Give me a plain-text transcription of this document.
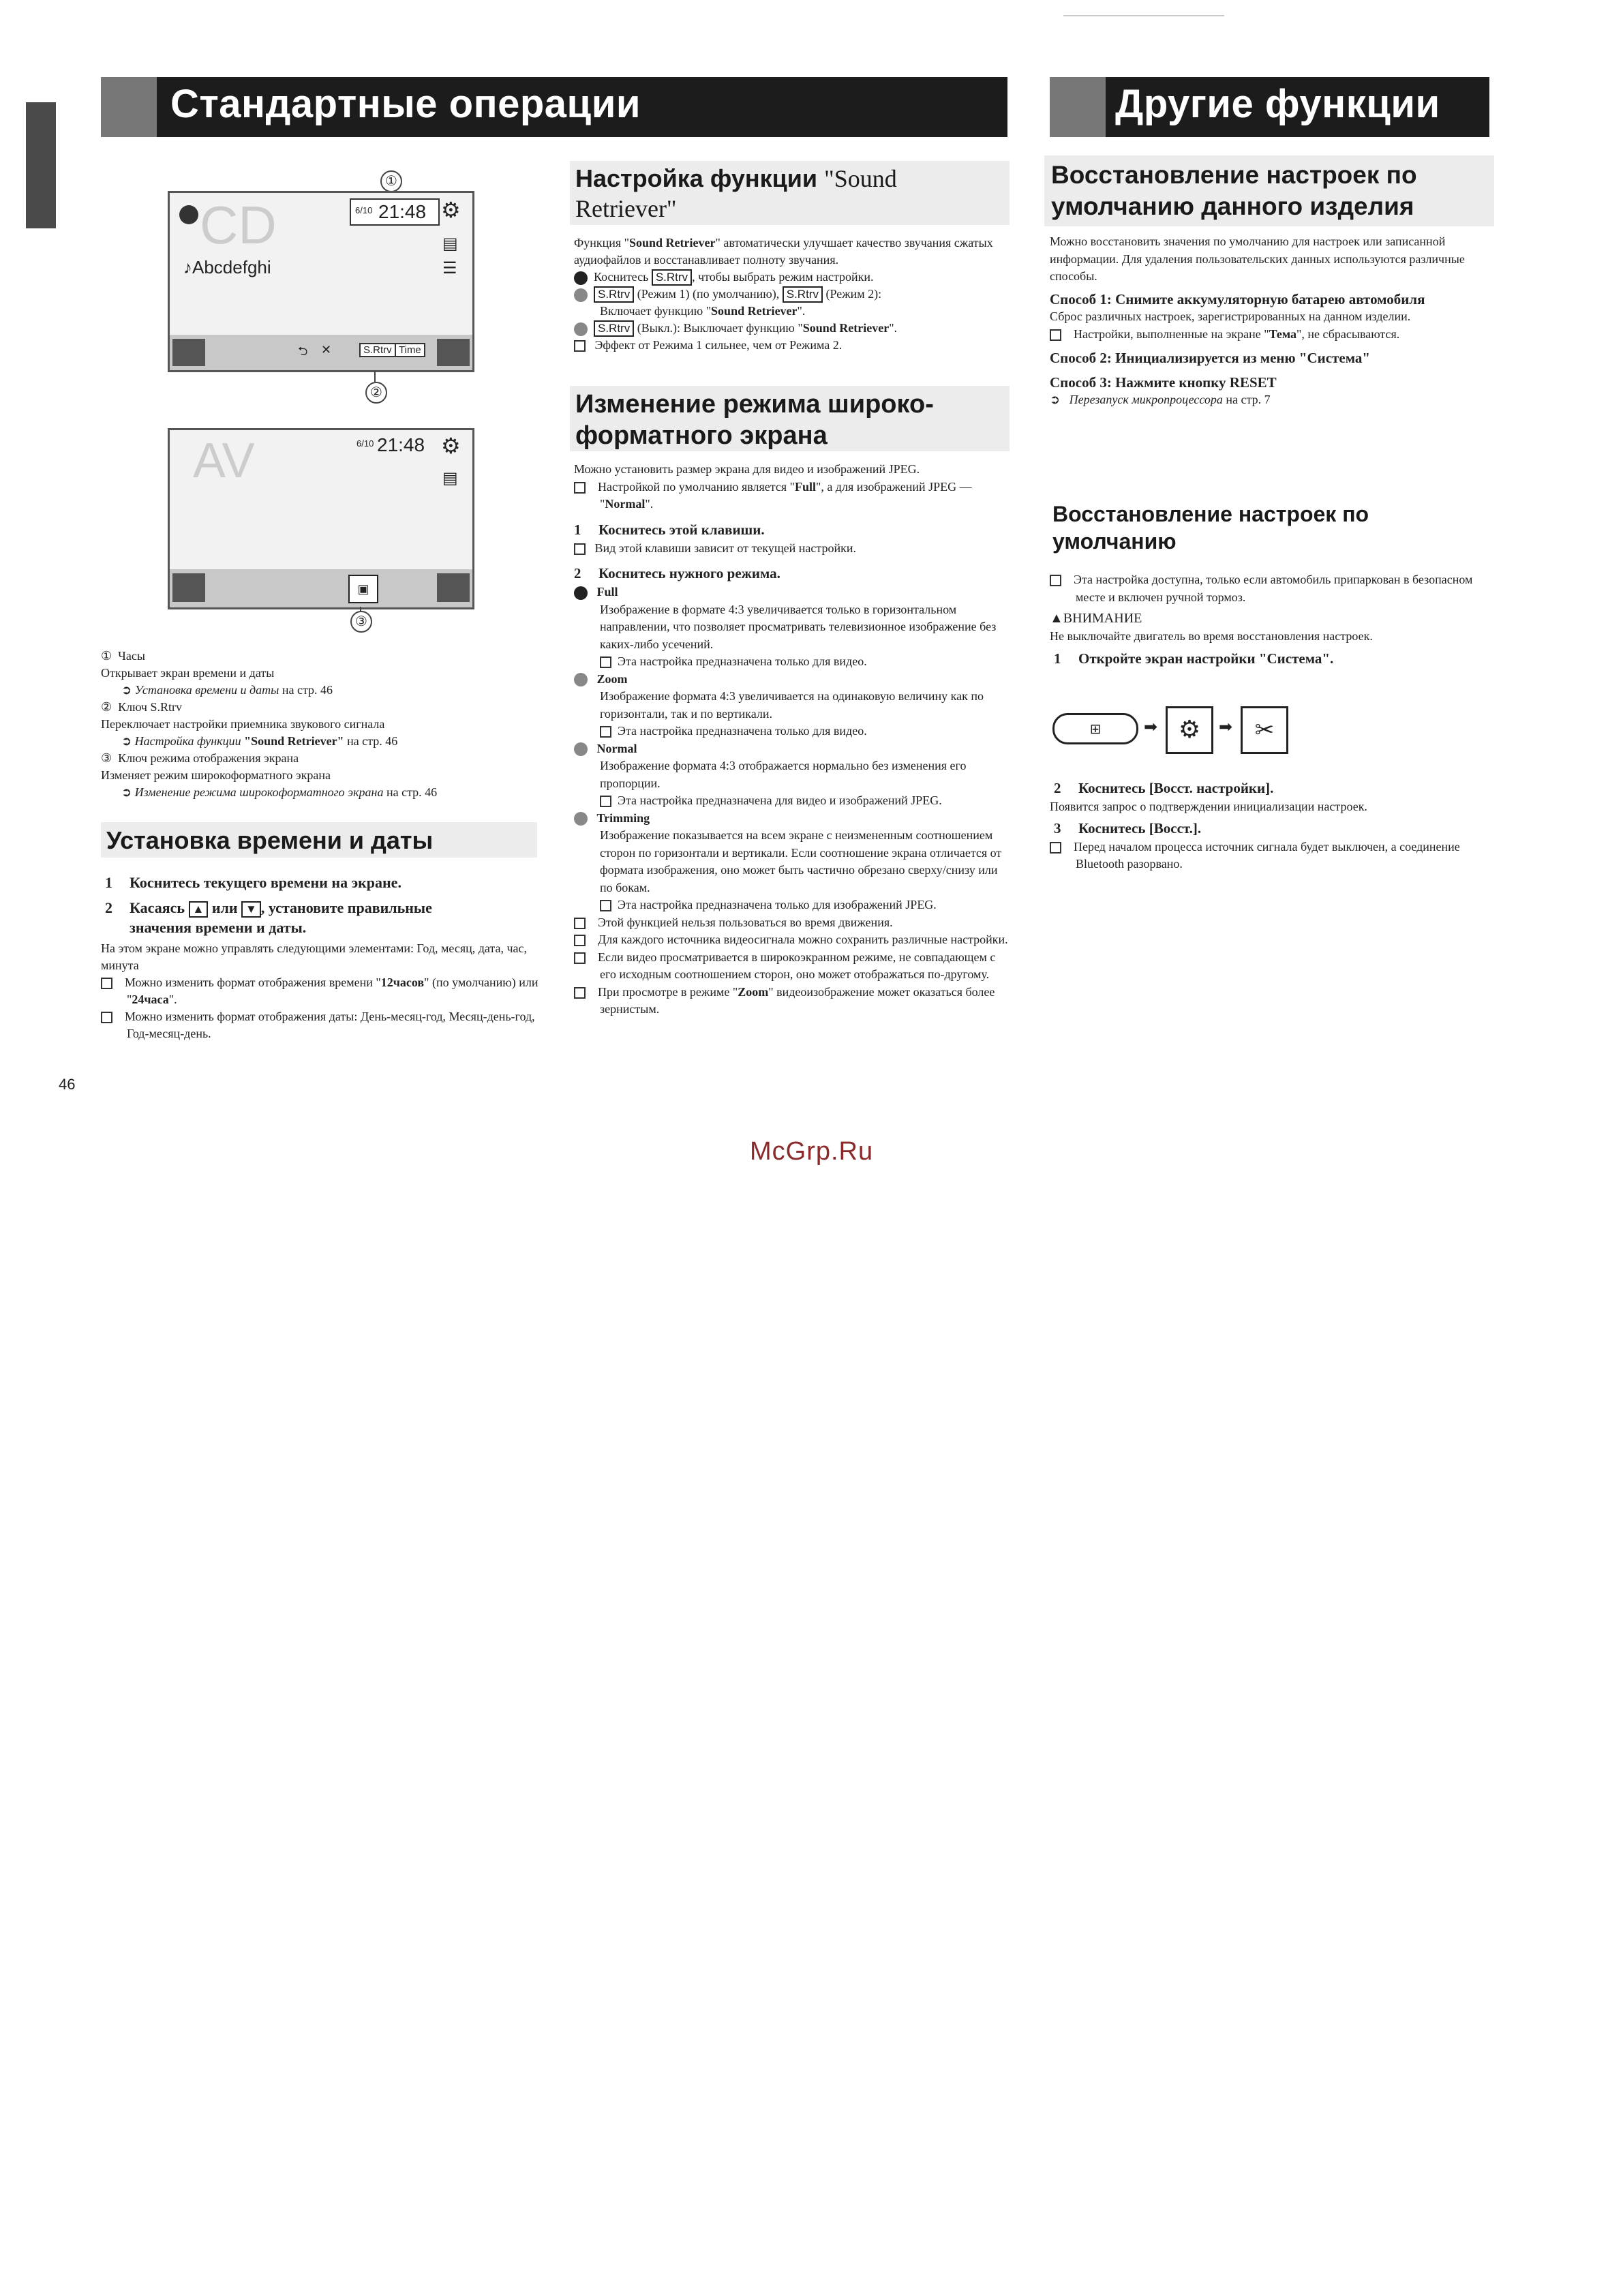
Стандартные операции	Другие функции
①
CD	6/10 21:48 ⚙
▤
☰
♪Abcdefghi
⮌ ✕	S.Rtrv Time
②
AV	6/10 21:48 ⚙
▤
▣
③
① Часы
Открывает экран времени и даты
➲ Установка времени и даты на стр. 46
② Ключ S.Rtrv
Переключает настройки приемника звукового сигнала
➲ Настройка функции "Sound Retriever" на стр. 46
③ Ключ режима отображения экрана
Изменяет режим широкоформатного экрана
➲ Изменение режима широкоформатного экрана на стр. 46
Установка времени и даты
1 Коснитесь текущего времени на экране.
2 Касаясь ▲ или ▼ , установите правильные
значения времени и даты.
На этом экране можно управлять следующими элементами: Год, месяц, дата, час, минута
Можно изменить формат отображения времени "12часов" (по умолчанию) или "24часа".
Можно изменить формат отображения даты: День-месяц-год, Месяц-день-год, Год-месяц-день.
46
Настройка функции "Sound
Retriever"
Функция "Sound Retriever" автоматически улучшает качество звучания сжатых аудиофайлов и восстанавливает полноту звучания.
Коснитесь S.Rtrv , чтобы выбрать режим настройки.
S.Rtrv (Режим 1) (по умолчанию), S.Rtrv (Режим 2):
Включает функцию "Sound Retriever".
S.Rtrv (Выкл.): Выключает функцию "Sound Retriever".
Эффект от Режима 1 сильнее, чем от Режима 2.
Изменение режима широко-
форматного экрана
Можно установить размер экрана для видео и изображений JPEG.
Настройкой по умолчанию является "Full", а для изображений JPEG — "Normal".
1 Коснитесь этой клавиши.
Вид этой клавиши зависит от текущей настройки.
2 Коснитесь нужного режима.
Full
Изображение в формате 4:3 увеличивается только в горизонтальном направлении, что позволяет просматривать телевизионное изображение без каких-либо усечений.
Эта настройка предназначена только для видео.
Zoom
Изображение формата 4:3 увеличивается на одинаковую величину как по горизонтали, так и по вертикали.
Эта настройка предназначена только для видео.
Normal
Изображение формата 4:3 отображается нормально без изменения его пропорции.
Эта настройка предназначена для видео и изображений JPEG.
Trimming
Изображение показывается на всем экране с неизмененным соотношением сторон по горизонтали и вертикали. Если соотношение экрана отличается от формата изображения, оно может быть частично обрезано сверху/снизу или по бокам.
Эта настройка предназначена только для изображений JPEG.
Этой функцией нельзя пользоваться во время движения.
Для каждого источника видеосигнала можно сохранить различные настройки.
Если видео просматривается в широкоэкранном режиме, не совпадающем с его исходным соотношением сторон, оно может отображаться по-другому.
При просмотре в режиме "Zoom" видеоизображение может оказаться более зернистым.
Восстановление настроек по
умолчанию данного изделия
Можно восстановить значения по умолчанию для настроек или записанной информации. Для удаления пользовательских данных используются различные способы.
Способ 1: Снимите аккумуляторную батарею автомобиля
Сброс различных настроек, зарегистрированных на данном изделии.
Настройки, выполненные на экране "Тема", не сбрасываются.
Способ 2: Инициализируется из меню "Система"
Способ 3: Нажмите кнопку RESET
➲   Перезапуск микропроцессора на стр. 7
Восстановление настроек по
умолчанию
Эта настройка доступна, только если автомобиль припаркован в безопасном месте и включен ручной тормоз.
▲ВНИМАНИЕ
Не выключайте двигатель во время восстановления настроек.
1 Откройте экран настройки "Система".
⊞	➡ ⚙	➡ ✂
2 Коснитесь [Восст. настройки].
Появится запрос о подтверждении инициализации настроек.
3 Коснитесь [Восст.].
Перед началом процесса источник сигнала будет выключен, а соединение Bluetooth разорвано.
McGrp.Ru
